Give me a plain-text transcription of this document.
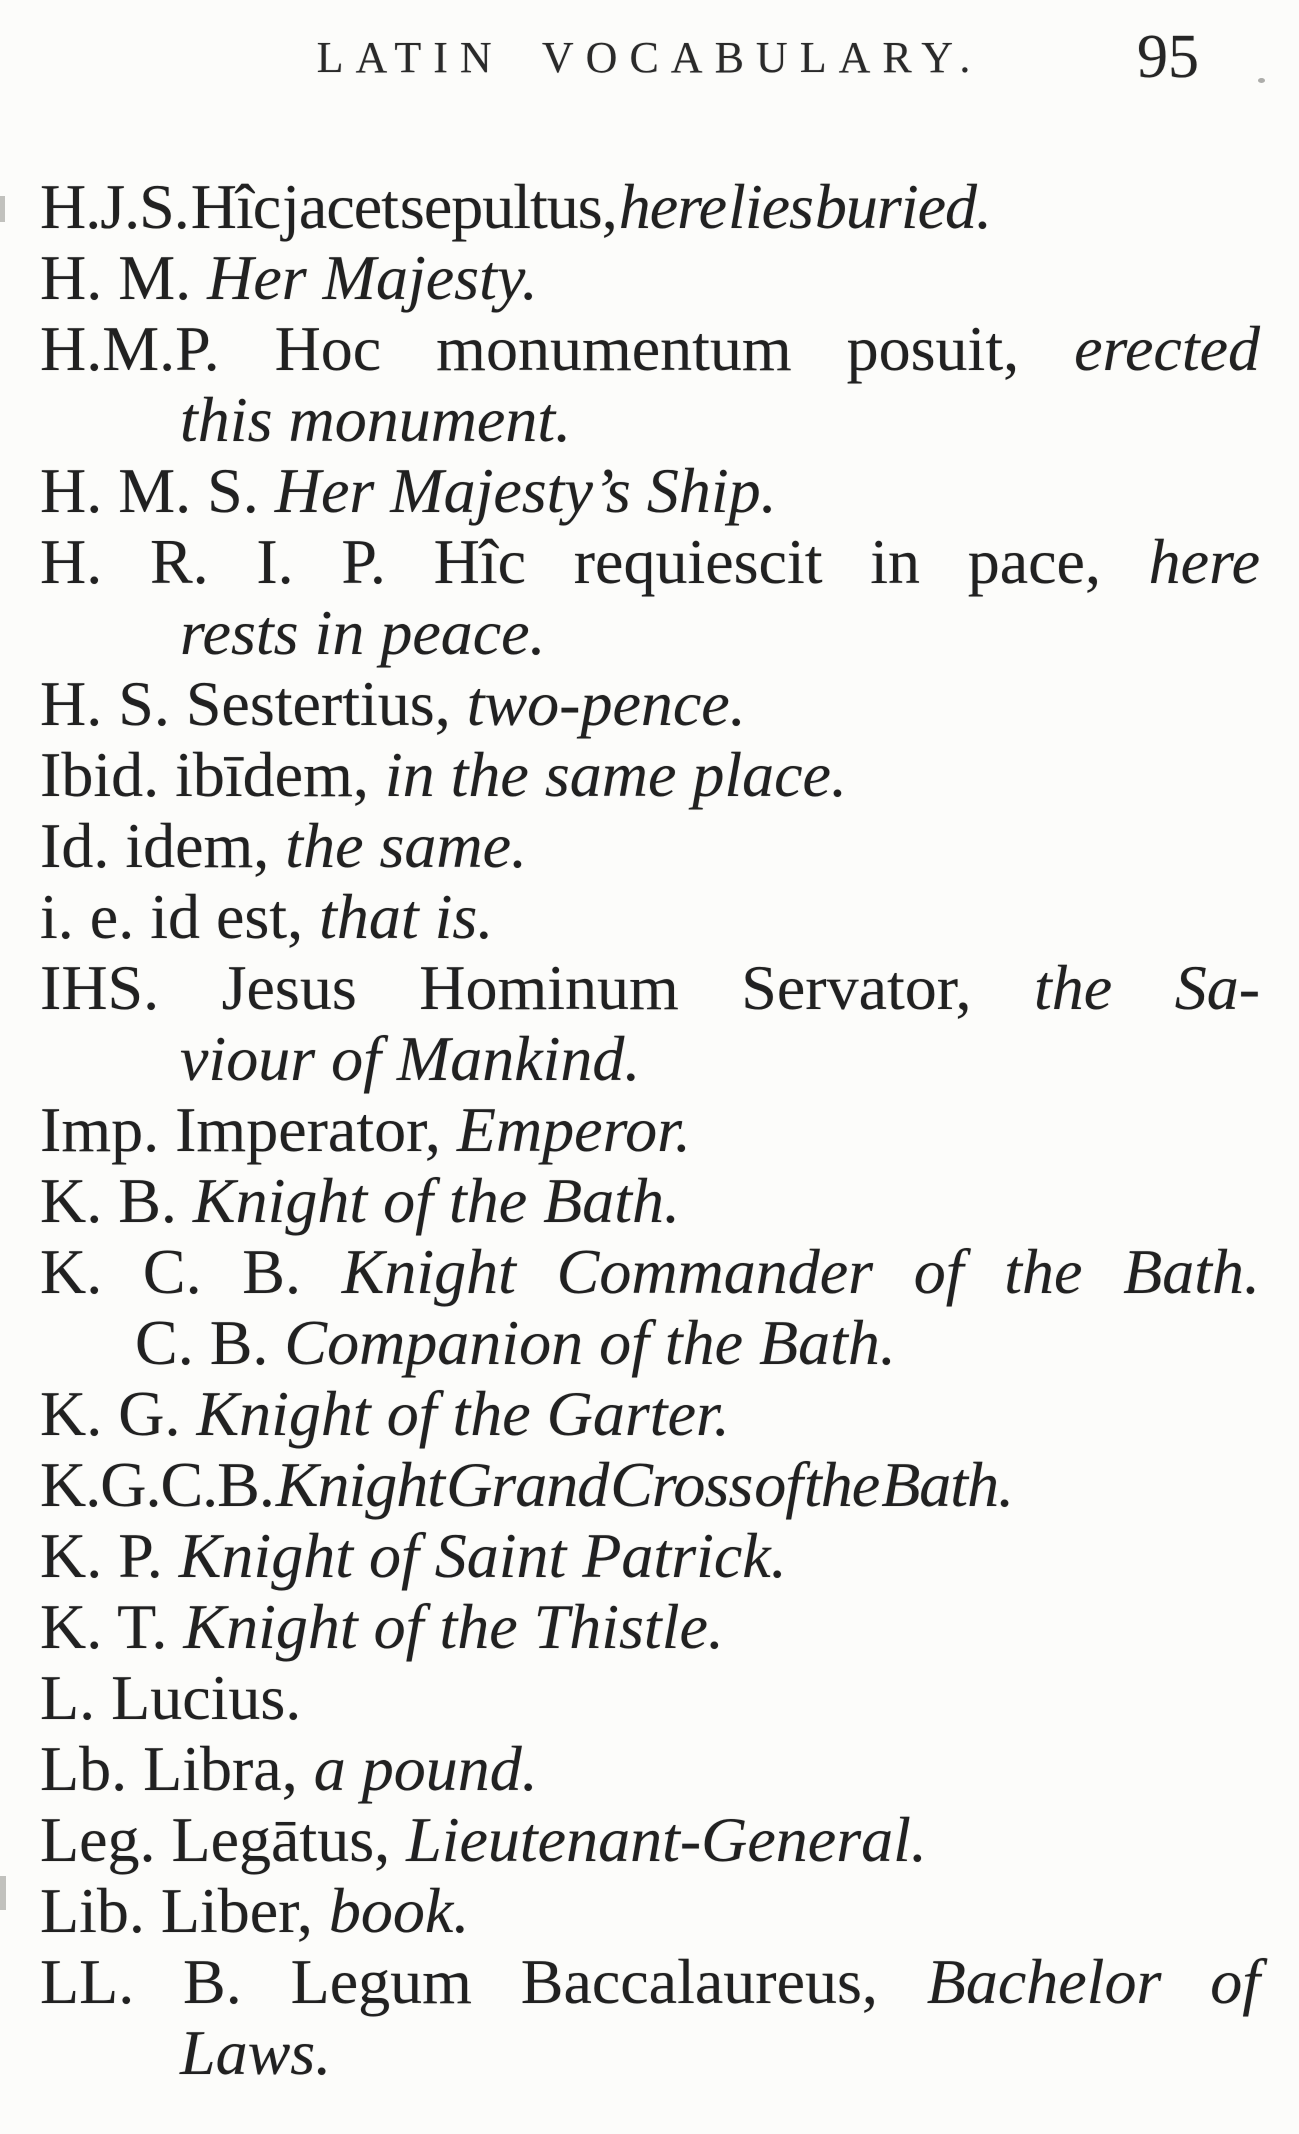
LATIN VOCABULARY.	95
H.J.S. Hîc jacet sepultus, here lies buried.
H. M. Her Majesty.
H.M.P. Hoc monumentum posuit, erected
this monument.
H. M. S. Her Majesty’s Ship.
H. R. I. P. Hîc requiescit in pace, here
rests in peace.
H. S. Sestertius, two-pence.
Ibid. ibīdem, in the same place.
Id. idem, the same.
i. e. id est, that is.
IHS. Jesus Hominum Servator, the Sa-
viour of Mankind.
Imp. Imperator, Emperor.
K. B. Knight of the Bath.
K. C. B. Knight Commander of the Bath.
C. B. Companion of the Bath.
K. G. Knight of the Garter.
K.G.C.B. Knight Grand Cross of the Bath.
K. P. Knight of Saint Patrick.
K. T. Knight of the Thistle.
L. Lucius.
Lb. Libra, a pound.
Leg. Legātus, Lieutenant-General.
Lib. Liber, book.
LL. B. Legum Baccalaureus, Bachelor of
Laws.
